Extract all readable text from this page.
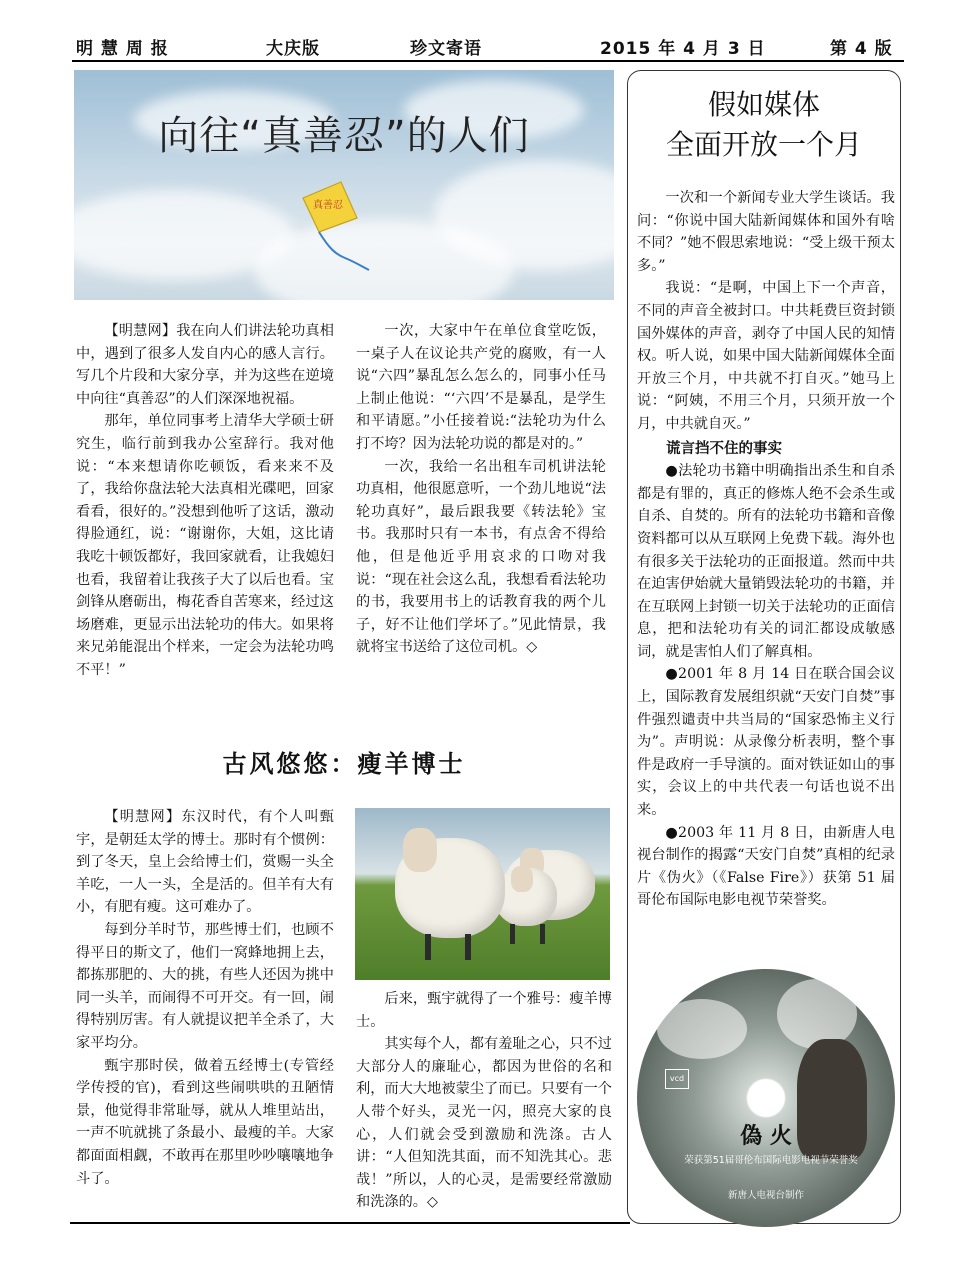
明 慧 周 报	大庆版	珍文寄语	2015 年 4 月 3 日	第 4 版
向往“真善忍”的人们
真善忍

【明慧网】我在向人们讲法轮功真相中，遇到了很多人发自内心的感人言行。写几个片段和大家分享，并为这些在逆境中向往“真善忍”的人们深深地祝福。

那年，单位同事考上清华大学硕士研究生，临行前到我办公室辞行。我对他说：“本来想请你吃顿饭，看来来不及了，我给你盘法轮大法真相光碟吧，回家看看，很好的。”没想到他听了这话，激动得脸通红，说：“谢谢你，大姐，这比请我吃十顿饭都好，我回家就看，让我媳妇也看，我留着让我孩子大了以后也看。宝剑锋从磨砺出，梅花香自苦寒来，经过这场磨难，更显示出法轮功的伟大。如果将来兄弟能混出个样来，一定会为法轮功鸣不平！”

一次，大家中午在单位食堂吃饭，一桌子人在议论共产党的腐败，有一人说“六四”暴乱怎么怎么的，同事小任马上制止他说：“‘六四’不是暴乱，是学生和平请愿。”小任接着说:“法轮功为什么打不垮？因为法轮功说的都是对的。”

一次，我给一名出租车司机讲法轮功真相，他很愿意听，一个劲儿地说“法轮功真好”，最后跟我要《转法轮》宝书。我那时只有一本书，有点舍不得给他，但是他近乎用哀求的口吻对我说：“现在社会这么乱，我想看看法轮功的书，我要用书上的话教育我的两个儿子，好不让他们学坏了。”见此情景，我就将宝书送给了这位司机。◇

古风悠悠：瘦羊博士

【明慧网】东汉时代，有个人叫甄宇，是朝廷太学的博士。那时有个惯例：到了冬天，皇上会给博士们，赏赐一头全羊吃，一人一头，全是活的。但羊有大有小，有肥有瘦。这可难办了。

每到分羊时节，那些博士们，也顾不得平日的斯文了，他们一窝蜂地拥上去，都拣那肥的、大的挑，有些人还因为挑中同一头羊，而闹得不可开交。有一回，闹得特别厉害。有人就提议把羊全杀了，大家平均分。

甄宇那时侯，做着五经博士(专管经学传授的官)，看到这些闹哄哄的丑陋情景，他觉得非常耻辱，就从人堆里站出，一声不吭就挑了条最小、最瘦的羊。大家都面面相觑，不敢再在那里吵吵嚷嚷地争斗了。

后来，甄宇就得了一个雅号：瘦羊博士。

其实每个人，都有羞耻之心，只不过大部分人的廉耻心，都因为世俗的名和利，而大大地被蒙尘了而已。只要有一个人带个好头，灵光一闪，照亮大家的良心，人们就会受到激励和洗涤。古人讲：“人但知洗其面，而不知洗其心。悲哉！”所以，人的心灵，是需要经常激励和洗涤的。◇

假如媒体
全面开放一个月

一次和一个新闻专业大学生谈话。我问：“你说中国大陆新闻媒体和国外有啥不同？”她不假思索地说：“受上级干预太多。”

我说：“是啊，中国上下一个声音，不同的声音全被封口。中共耗费巨资封锁国外媒体的声音，剥夺了中国人民的知情权。听人说，如果中国大陆新闻媒体全面开放三个月，中共就不打自灭。”她马上说：“阿姨，不用三个月，只须开放一个月，中共就自灭。”

谎言挡不住的事实

●法轮功书籍中明确指出杀生和自杀都是有罪的，真正的修炼人绝不会杀生或自杀、自焚的。所有的法轮功书籍和音像资料都可以从互联网上免费下载。海外也有很多关于法轮功的正面报道。然而中共在迫害伊始就大量销毁法轮功的书籍，并在互联网上封锁一切关于法轮功的正面信息，把和法轮功有关的词汇都设成敏感词，就是害怕人们了解真相。

●2001 年 8 月 14 日在联合国会议上，国际教育发展组织就“天安门自焚”事件强烈谴责中共当局的“国家恐怖主义行为”。声明说：从录像分析表明，整个事件是政府一手导演的。面对铁证如山的事实，会议上的中共代表一句话也说不出来。

●2003 年 11 月 8 日，由新唐人电视台制作的揭露“天安门自焚”真相的纪录片《伪火》（《False Fire》）获第 51 届哥伦布国际电影电视节荣誉奖。

vcd
偽 火
荣获第51届哥伦布国际电影电视节荣誉奖
新唐人电视台制作
